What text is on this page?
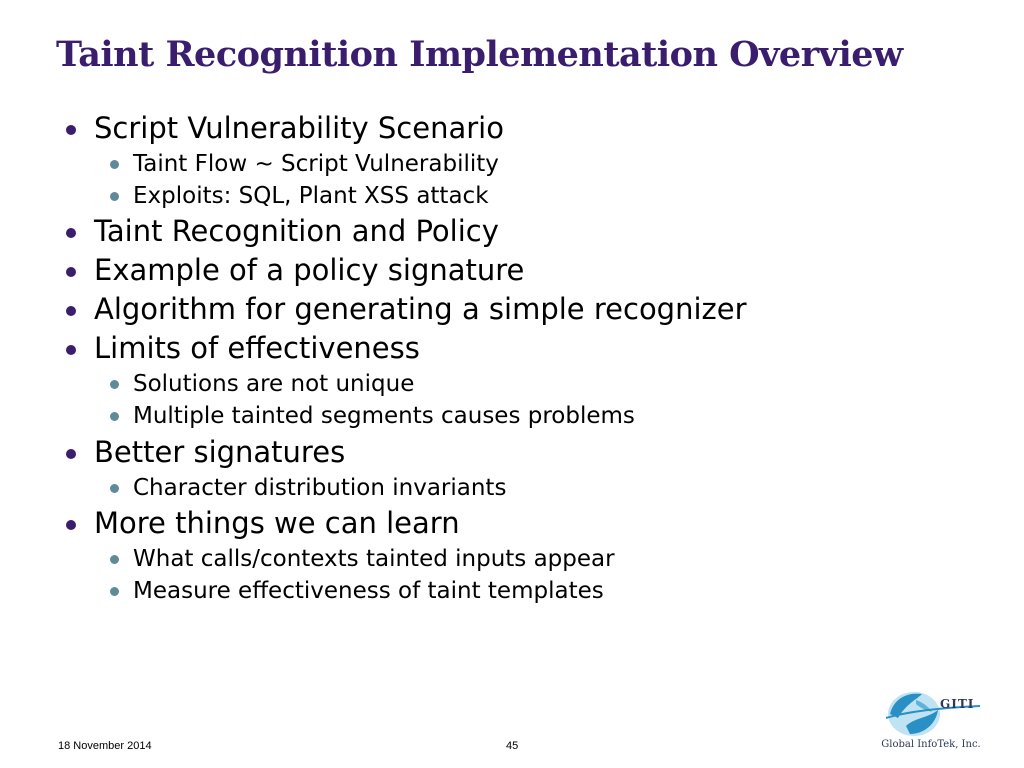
Taint Recognition Implementation Overview
Script Vulnerability Scenario
Taint Flow ~ Script Vulnerability
Exploits: SQL, Plant XSS attack
Taint Recognition and Policy
Example of a policy signature
Algorithm for generating a simple recognizer
Limits of effectiveness
Solutions are not unique
Multiple tainted segments causes problems
Better signatures
Character distribution invariants
More things we can learn
What calls/contexts tainted inputs appear
Measure effectiveness of taint templates
18 November 2014	45
GITI
Global InfoTek, Inc.
